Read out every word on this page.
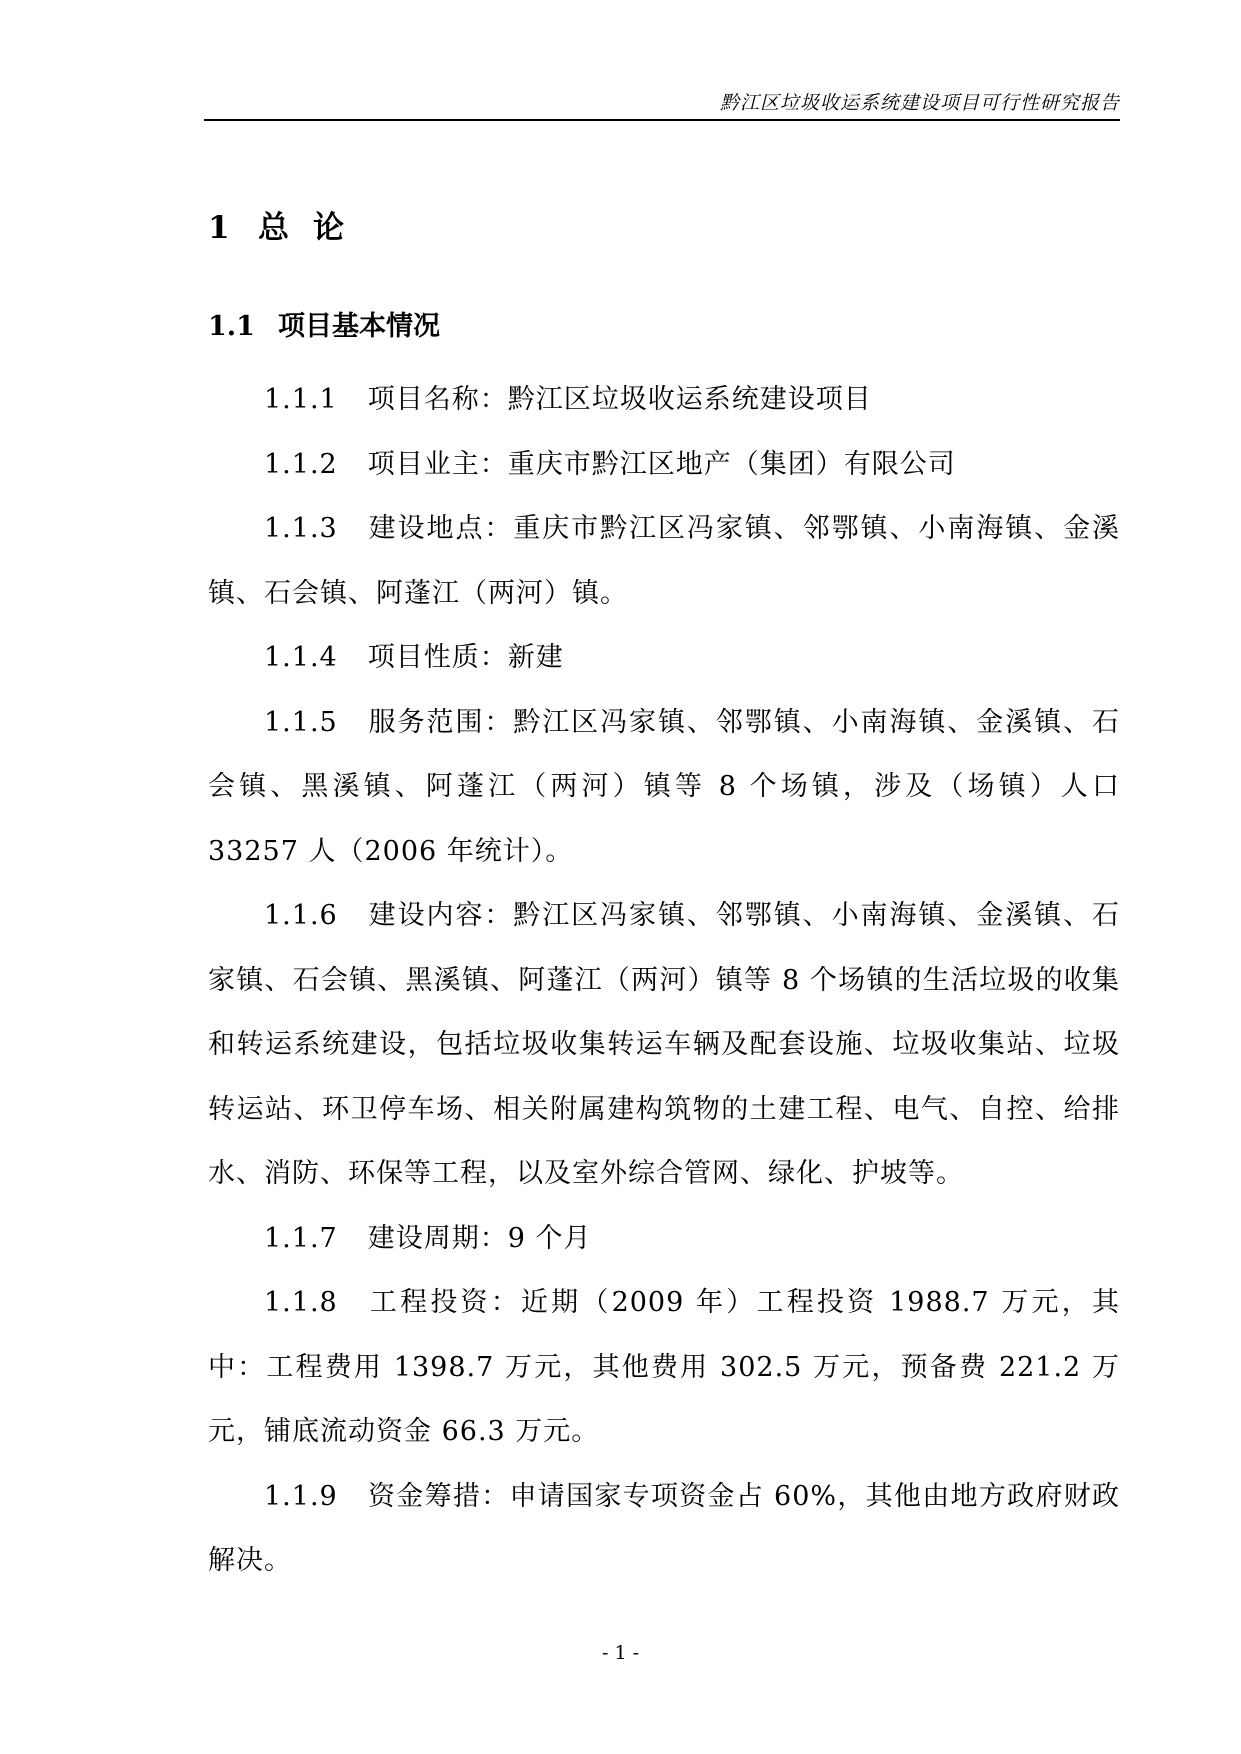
黔江区垃圾收运系统建设项目可行性研究报告
1 总 论
1.1 项目基本情况

1.1.1 项目名称：黔江区垃圾收运系统建设项目

1.1.2 项目业主：重庆市黔江区地产（集团）有限公司

1.1.3 建设地点：重庆市黔江区冯家镇、邻鄂镇、小南海镇、金溪镇、石会镇、阿蓬江（两河）镇。

1.1.4 项目性质：新建

1.1.5 服务范围：黔江区冯家镇、邻鄂镇、小南海镇、金溪镇、石会镇、黑溪镇、阿蓬江（两河）镇等 8 个场镇，涉及（场镇）人口 33257 人（2006 年统计）。

1.1.6 建设内容：黔江区冯家镇、邻鄂镇、小南海镇、金溪镇、石家镇、石会镇、黑溪镇、阿蓬江（两河）镇等 8 个场镇的生活垃圾的收集和转运系统建设，包括垃圾收集转运车辆及配套设施、垃圾收集站、垃圾转运站、环卫停车场、相关附属建构筑物的土建工程、电气、自控、给排水、消防、环保等工程，以及室外综合管网、绿化、护坡等。

1.1.7 建设周期：9 个月

1.1.8 工程投资：近期（2009 年）工程投资 1988.7 万元，其中：工程费用 1398.7 万元，其他费用 302.5 万元，预备费 221.2 万元，铺底流动资金 66.3 万元。

1.1.9 资金筹措：申请国家专项资金占 60%，其他由地方政府财政解决。

- 1 -
